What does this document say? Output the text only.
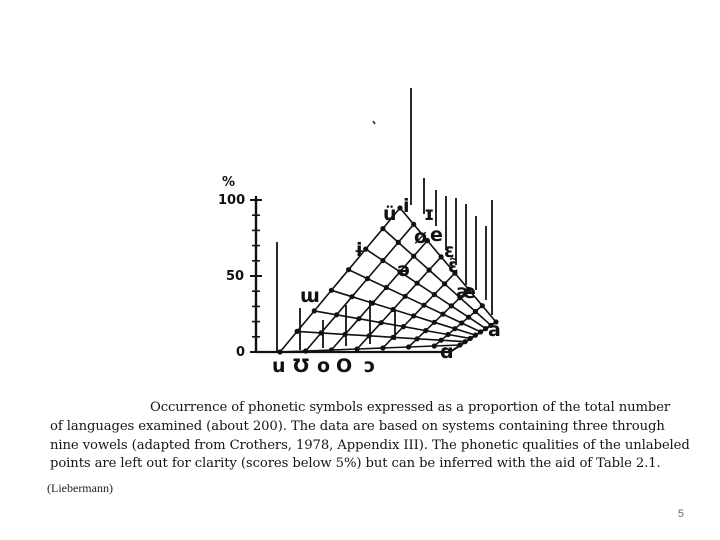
%
100
50
0
u Ʊ o O ɔ
ü i ɪ
ø e
ɛ
ɛ̃
æ
a
ɨ
ə
ɯ
ɑ
Occurrence of phonetic symbols expressed as a proportion of the total number
of languages examined (about 200). The data are based on systems containing three through
nine vowels (adapted from Crothers, 1978, Appendix III). The phonetic qualities of the unlabeled
points are left out for clarity (scores below 5%) but can be inferred with the aid of Table 2.1.
(Liebermann)
5
